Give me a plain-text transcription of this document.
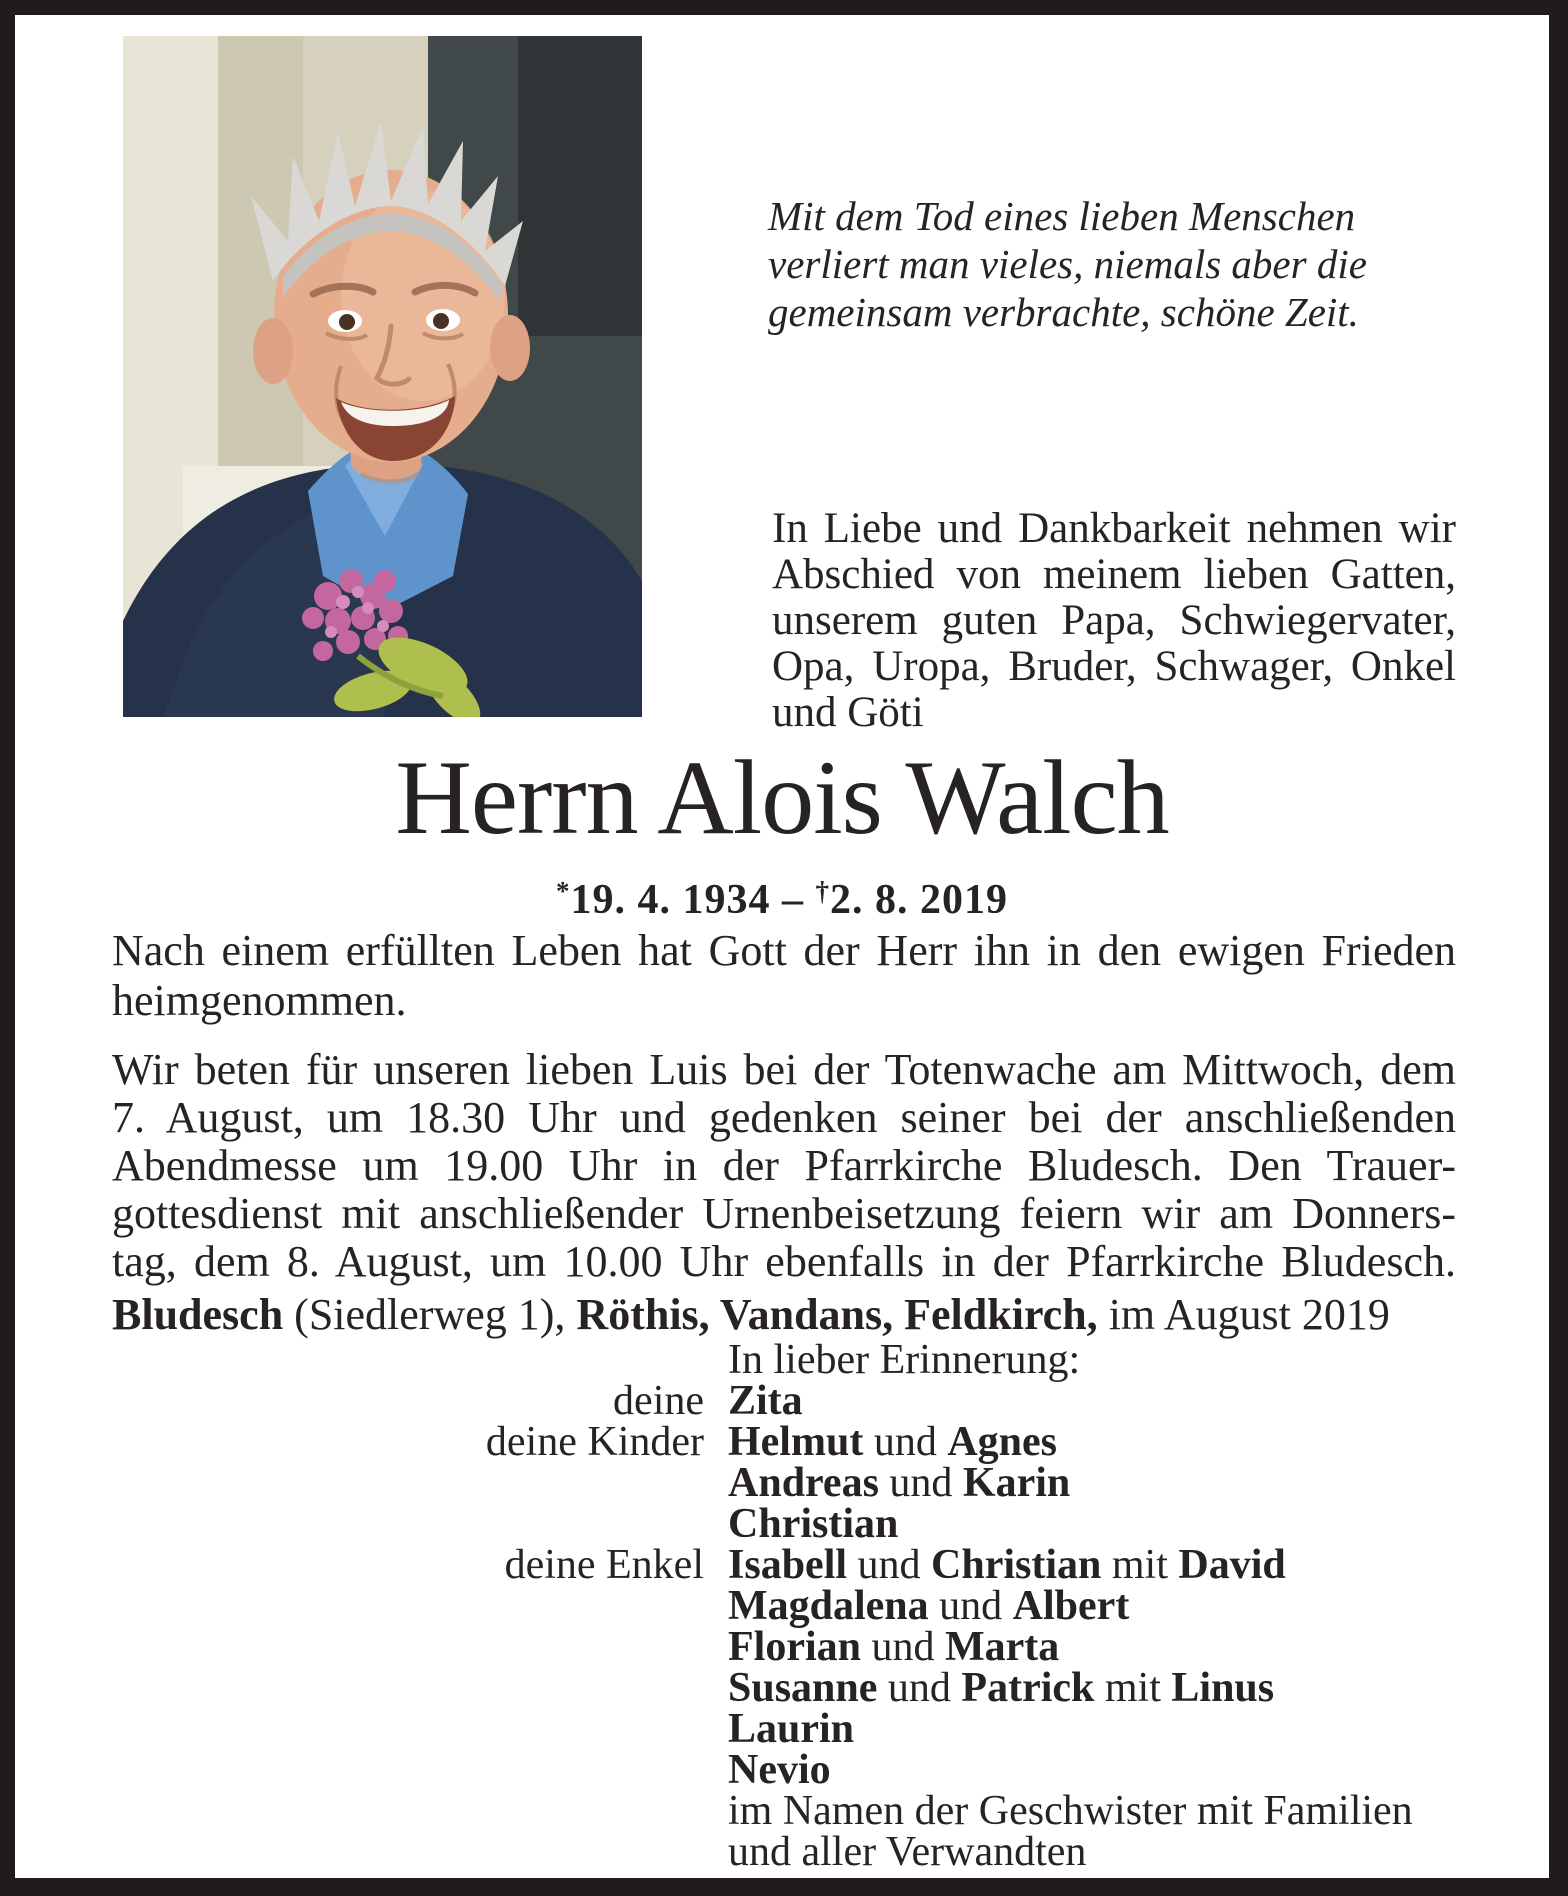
Mit dem Tod eines lieben Menschen
verliert man vieles, niemals aber die
gemeinsam verbrachte, schöne Zeit.
In Liebe und Dankbarkeit nehmen wir
Abschied von meinem lieben Gatten,
unserem guten Papa, Schwiegervater,
Opa, Uropa, Bruder, Schwager, Onkel
und Göti
Herrn Alois Walch
*19. 4. 1934 – †2. 8. 2019
Nach einem erfüllten Leben hat Gott der Herr ihn in den ewigen Frieden
heimgenommen.
Wir beten für unseren lieben Luis bei der Totenwache am Mittwoch, dem
7. August, um 18.30 Uhr und gedenken seiner bei der anschließenden
Abendmesse um 19.00 Uhr in der Pfarrkirche Bludesch. Den Trauer-
gottesdienst mit anschließender Urnenbeisetzung feiern wir am Donners-
tag, dem 8. August, um 10.00 Uhr ebenfalls in der Pfarrkirche Bludesch.
Bludesch (Siedlerweg 1), Röthis, Vandans, Feldkirch, im August 2019
In lieber Erinnerung:
deine Zita
deine Kinder Helmut und Agnes
Andreas und Karin
Christian
deine Enkel Isabell und Christian mit David
Magdalena und Albert
Florian und Marta
Susanne und Patrick mit Linus
Laurin
Nevio
im Namen der Geschwister mit Familien
und aller Verwandten
